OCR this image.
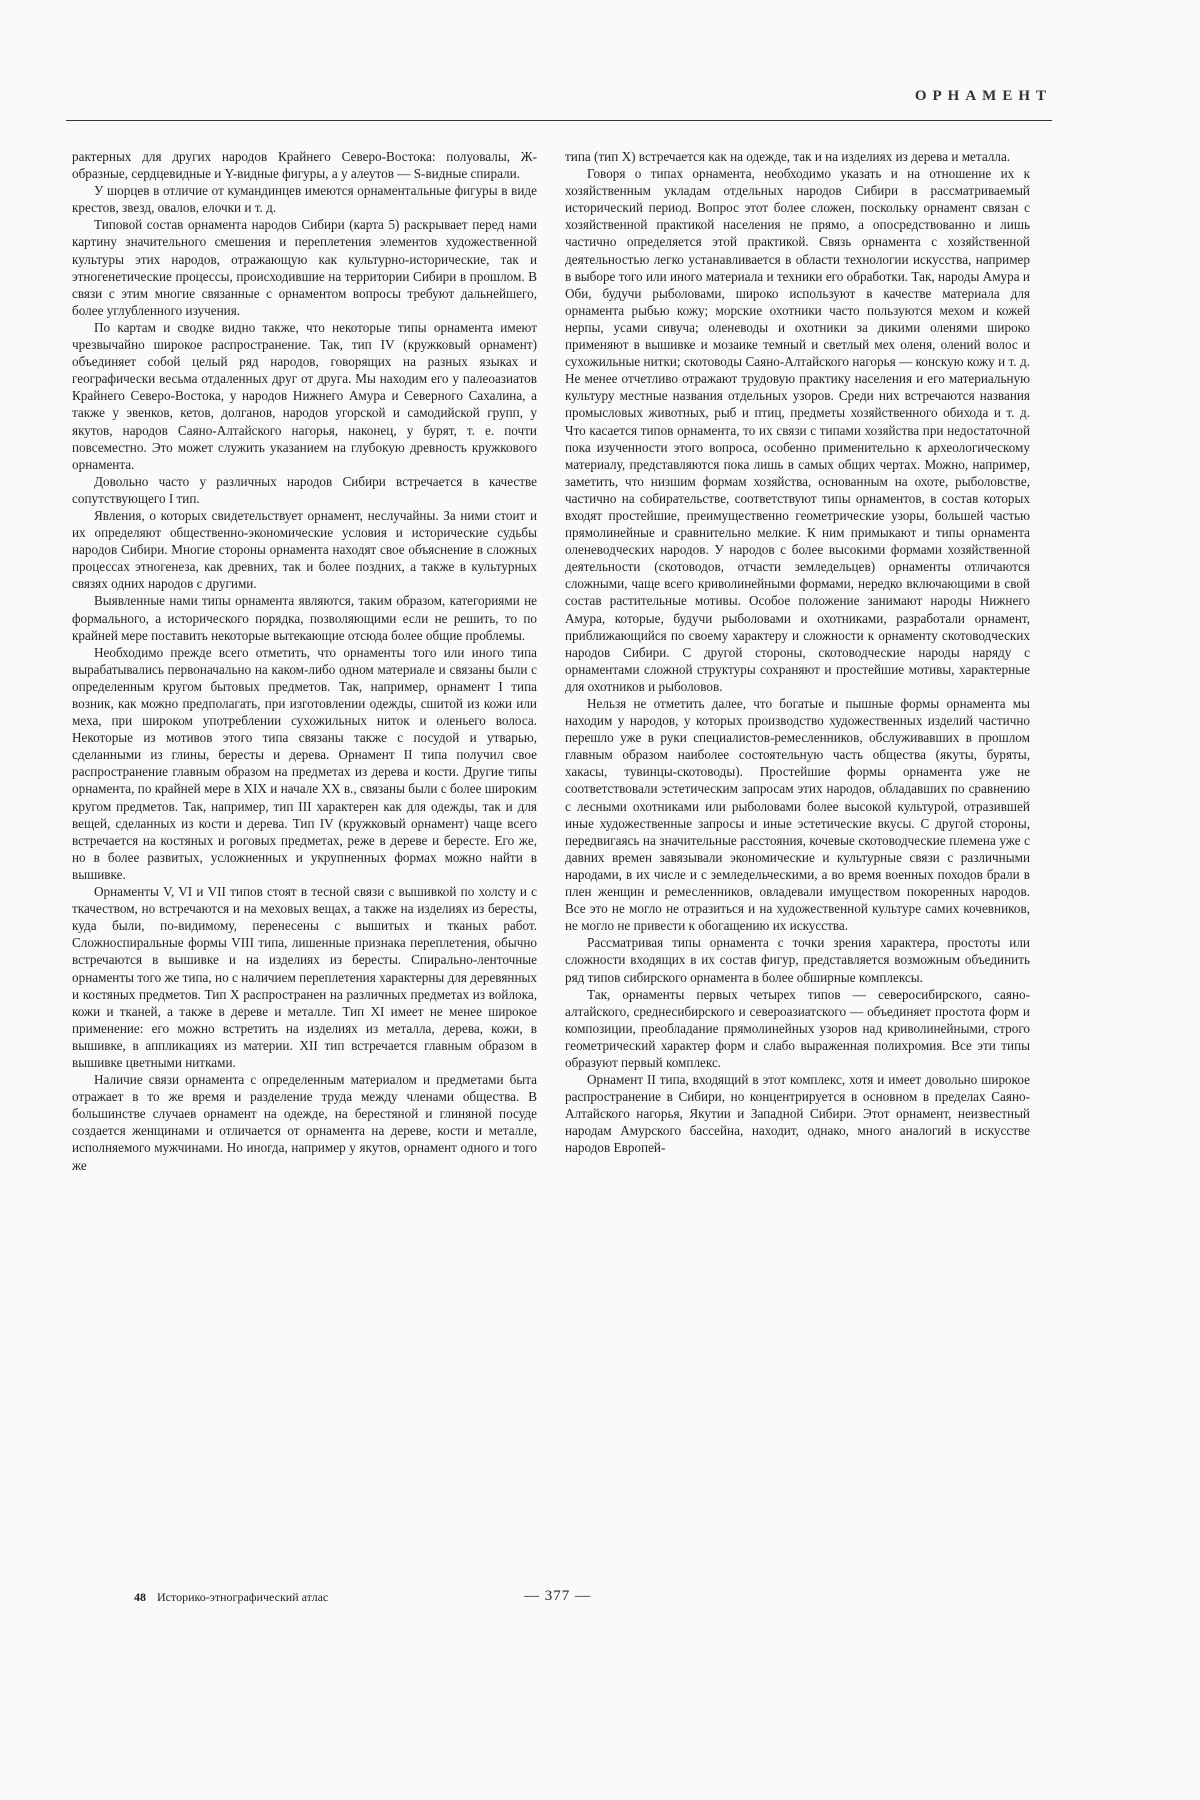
ОРНАМЕНТ

рактерных для других народов Крайнего Северо-Востока: полуовалы, Ж-образные, сердцевидные и Y-видные фигуры, а у алеутов — S-видные спирали.

У шорцев в отличие от кумандинцев имеются орнаментальные фигуры в виде крестов, звезд, овалов, елочки и т. д.

Типовой состав орнамента народов Сибири (карта 5) раскрывает перед нами картину значительного смешения и переплетения элементов художественной культуры этих народов, отражающую как культурно-исторические, так и этногенетические процессы, происходившие на территории Сибири в прошлом. В связи с этим многие связанные с орнаментом вопросы требуют дальнейшего, более углубленного изучения.

По картам и сводке видно также, что некоторые типы орнамента имеют чрезвычайно широкое распространение. Так, тип IV (кружковый орнамент) объединяет собой целый ряд народов, говорящих на разных языках и географически весьма отдаленных друг от друга. Мы находим его у палеоазиатов Крайнего Северо-Востока, у народов Нижнего Амура и Северного Сахалина, а также у эвенков, кетов, долганов, народов угорской и самодийской групп, у якутов, народов Саяно-Алтайского нагорья, наконец, у бурят, т. е. почти повсеместно. Это может служить указанием на глубокую древность кружкового орнамента.

Довольно часто у различных народов Сибири встречается в качестве сопутствующего I тип.

Явления, о которых свидетельствует орнамент, неслучайны. За ними стоит и их определяют общественно-экономические условия и исторические судьбы народов Сибири. Многие стороны орнамента находят свое объяснение в сложных процессах этногенеза, как древних, так и более поздних, а также в культурных связях одних народов с другими.

Выявленные нами типы орнамента являются, таким образом, категориями не формального, а исторического порядка, позволяющими если не решить, то по крайней мере поставить некоторые вытекающие отсюда более общие проблемы.

Необходимо прежде всего отметить, что орнаменты того или иного типа вырабатывались первоначально на каком-либо одном материале и связаны были с определенным кругом бытовых предметов. Так, например, орнамент I типа возник, как можно предполагать, при изготовлении одежды, сшитой из кожи или меха, при широком употреблении сухожильных ниток и оленьего волоса. Некоторые из мотивов этого типа связаны также с посудой и утварью, сделанными из глины, бересты и дерева. Орнамент II типа получил свое распространение главным образом на предметах из дерева и кости. Другие типы орнамента, по крайней мере в XIX и начале XX в., связаны были с более широким кругом предметов. Так, например, тип III характерен как для одежды, так и для вещей, сделанных из кости и дерева. Тип IV (кружковый орнамент) чаще всего встречается на костяных и роговых предметах, реже в дереве и бересте. Его же, но в более развитых, усложненных и укрупненных формах можно найти в вышивке.

Орнаменты V, VI и VII типов стоят в тесной связи с вышивкой по холсту и с ткачеством, но встречаются и на меховых вещах, а также на изделиях из бересты, куда были, по-видимому, перенесены с вышитых и тканых работ. Сложноспиральные формы VIII типа, лишенные признака переплетения, обычно встречаются в вышивке и на изделиях из бересты. Спирально-ленточные орнаменты того же типа, но с наличием переплетения характерны для деревянных и костяных предметов. Тип X распространен на различных предметах из войлока, кожи и тканей, а также в дереве и металле. Тип XI имеет не менее широкое применение: его можно встретить на изделиях из металла, дерева, кожи, в вышивке, в аппликациях из материи. XII тип встречается главным образом в вышивке цветными нитками.

Наличие связи орнамента с определенным материалом и предметами быта отражает в то же время и разделение труда между членами общества. В большинстве случаев орнамент на одежде, на берестяной и глиняной посуде создается женщинами и отличается от орнамента на дереве, кости и металле, исполняемого мужчинами. Но иногда, например у якутов, орнамент одного и того же

типа (тип X) встречается как на одежде, так и на изделиях из дерева и металла.

Говоря о типах орнамента, необходимо указать и на отношение их к хозяйственным укладам отдельных народов Сибири в рассматриваемый исторический период. Вопрос этот более сложен, поскольку орнамент связан с хозяйственной практикой населения не прямо, а опосредствованно и лишь частично определяется этой практикой. Связь орнамента с хозяйственной деятельностью легко устанавливается в области технологии искусства, например в выборе того или иного материала и техники его обработки. Так, народы Амура и Оби, будучи рыболовами, широко используют в качестве материала для орнамента рыбью кожу; морские охотники часто пользуются мехом и кожей нерпы, усами сивуча; оленеводы и охотники за дикими оленями широко применяют в вышивке и мозаике темный и светлый мех оленя, олений волос и сухожильные нитки; скотоводы Саяно-Алтайского нагорья — конскую кожу и т. д. Не менее отчетливо отражают трудовую практику населения и его материальную культуру местные названия отдельных узоров. Среди них встречаются названия промысловых животных, рыб и птиц, предметы хозяйственного обихода и т. д. Что касается типов орнамента, то их связи с типами хозяйства при недостаточной пока изученности этого вопроса, особенно применительно к археологическому материалу, представляются пока лишь в самых общих чертах. Можно, например, заметить, что низшим формам хозяйства, основанным на охоте, рыболовстве, частично на собирательстве, соответствуют типы орнаментов, в состав которых входят простейшие, преимущественно геометрические узоры, большей частью прямолинейные и сравнительно мелкие. К ним примыкают и типы орнамента оленеводческих народов. У народов с более высокими формами хозяйственной деятельности (скотоводов, отчасти земледельцев) орнаменты отличаются сложными, чаще всего криволинейными формами, нередко включающими в свой состав растительные мотивы. Особое положение занимают народы Нижнего Амура, которые, будучи рыболовами и охотниками, разработали орнамент, приближающийся по своему характеру и сложности к орнаменту скотоводческих народов Сибири. С другой стороны, скотоводческие народы наряду с орнаментами сложной структуры сохраняют и простейшие мотивы, характерные для охотников и рыболовов.

Нельзя не отметить далее, что богатые и пышные формы орнамента мы находим у народов, у которых производство художественных изделий частично перешло уже в руки специалистов-ремесленников, обслуживавших в прошлом главным образом наиболее состоятельную часть общества (якуты, буряты, хакасы, тувинцы-скотоводы). Простейшие формы орнамента уже не соответствовали эстетическим запросам этих народов, обладавших по сравнению с лесными охотниками или рыболовами более высокой культурой, отразившей иные художественные запросы и иные эстетические вкусы. С другой стороны, передвигаясь на значительные расстояния, кочевые скотоводческие племена уже с давних времен завязывали экономические и культурные связи с различными народами, в их числе и с земледельческими, а во время военных походов брали в плен женщин и ремесленников, овладевали имуществом покоренных народов. Все это не могло не отразиться и на художественной культуре самих кочевников, не могло не привести к обогащению их искусства.

Рассматривая типы орнамента с точки зрения характера, простоты или сложности входящих в их состав фигур, представляется возможным объединить ряд типов сибирского орнамента в более обширные комплексы.

Так, орнаменты первых четырех типов — северосибирского, саяно-алтайского, среднесибирского и североазиатского — объединяет простота форм и композиции, преобладание прямолинейных узоров над криволинейными, строго геометрический характер форм и слабо выраженная полихромия. Все эти типы образуют первый комплекс.

Орнамент II типа, входящий в этот комплекс, хотя и имеет довольно широкое распространение в Сибири, но концентрируется в основном в пределах Саяно-Алтайского нагорья, Якутии и Западной Сибири. Этот орнамент, неизвестный народам Амурского бассейна, находит, однако, много аналогий в искусстве народов Европей-

48 Историко-этнографический атлас	— 377 —
